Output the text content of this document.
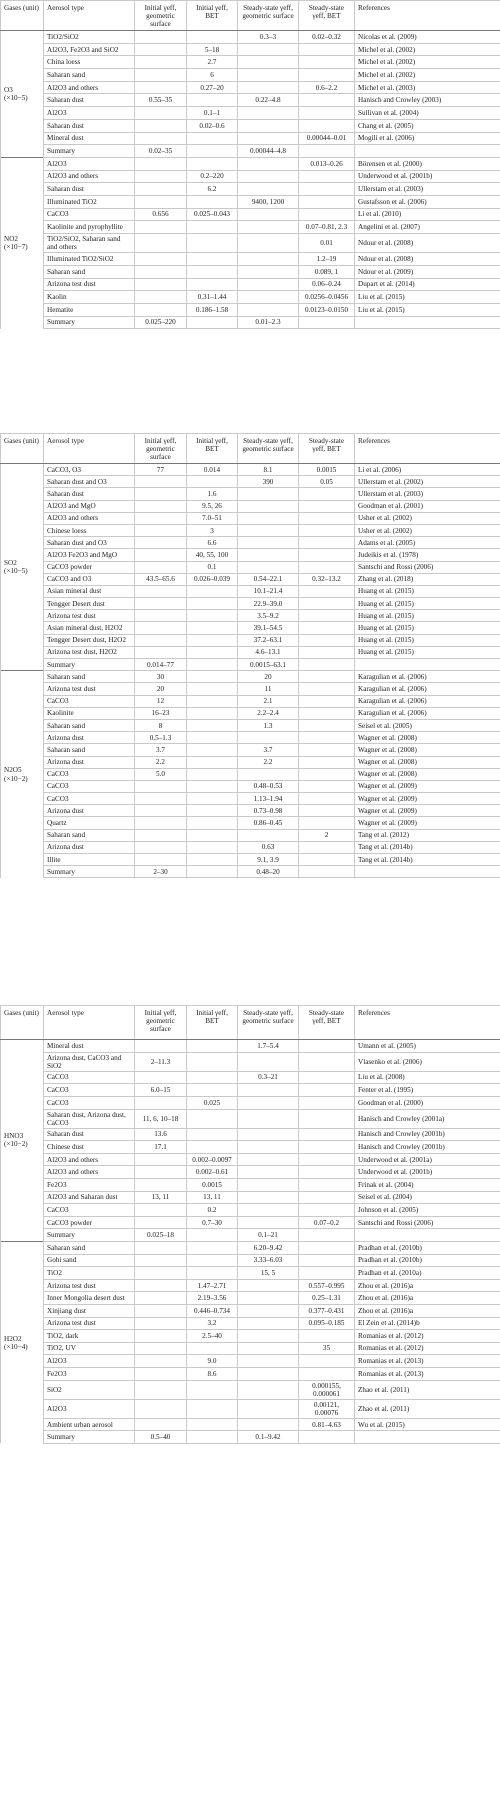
Gases (unit)	Aerosol type	Initial γeff, geometric surface	Initial γeff, BET	Steady-state γeff, geometric surface	Steady-state γeff, BET	References

O3
(×10−5)	TiO2/SiO2			0.3–3	0.02–0.32	Nicolas et al. (2009)
	Al2O3, Fe2O3 and SiO2		5–18			Michel et al. (2002)
	China loess		2.7			Michel et al. (2002)
	Saharan sand		6			Michel et al. (2002)
	Al2O3 and others		0.27–20		0.6–2.2	Michel et al. (2003)
	Saharan dust	0.55–35		0.22–4.8		Hanisch and Crowley (2003)
	Al2O3		0.1–1			Sullivan et al. (2004)
	Saharan dust		0.02–0.6			Chang et al. (2005)
	Mineral dust				0.00044–0.01	Mogili et al. (2006)
	Summary	0.02–35		0.00044–4.8		

NO2
(×10−7)	Al2O3				0.013–0.26	Börensen et al. (2000)
	Al2O3 and others		0.2–220			Underwood et al. (2001b)
	Saharan dust		6.2			Ullerstam et al. (2003)
	Illuminated TiO2			9400, 1200		Gustafsson et al. (2006)
	CaCO3	0.656	0.025–0.043			Li et al. (2010)
	Kaolinite and pyrophyllite				0.07–0.81, 2.3	Angelini et al. (2007)
	TiO2/SiO2, Saharan sand and others				0.01	Ndour et al. (2008)
	Illuminated TiO2/SiO2				1.2–19	Ndour et al. (2008)
	Saharan sand				0.089, 1	Ndour et al. (2009)
	Arizona test dust				0.06–0.24	Dupart et al. (2014)
	Kaolin		0.31–1.44		0.0256–0.0456	Liu et al. (2015)
	Hematite		0.186–1.58		0.0123–0.0150	Liu et al. (2015)
	Summary	0.025–220		0.01–2.3		
Gases (unit)	Aerosol type	Initial γeff, geometric surface	Initial γeff, BET	Steady-state γeff, geometric surface	Steady-state γeff, BET	References

SO2
(×10−5)	CaCO3, O3	77	0.014	8.1	0.0015	Li et al. (2006)
	Saharan dust and O3			390	0.05	Ullerstam et al. (2002)
	Saharan dust		1.6			Ullerstam et al. (2003)
	Al2O3 and MgO		9.5, 26			Goodman et al. (2001)
	Al2O3 and others		7.0–51			Usher et al. (2002)
	Chinese loess		3			Usher et al. (2002)
	Saharan dust and O3		6.6			Adams et al. (2005)
	Al2O3 Fe2O3 and MgO		40, 55, 100			Judeikis et al. (1978)
	CaCO3 powder		0.1			Santschi and Rossi (2006)
	CaCO3 and O3	43.5–65.6	0.026–0.039	0.54–22.1	0.32–13.2	Zhang et al. (2018)
	Asian mineral dust			10.1–21.4		Huang et al. (2015)
	Tengger Desert dust			22.9–39.0		Huang et al. (2015)
	Arizona test dust			3.5–9.2		Huang et al. (2015)
	Asian mineral dust, H2O2			39.1–54.5		Huang et al. (2015)
	Tengger Desert dust, H2O2			37.2–63.1		Huang et al. (2015)
	Arizona test dust, H2O2			4.6–13.1		Huang et al. (2015)
	Summary	0.014–77		0.0015–63.1		

N2O5
(×10−2)	Saharan sand	30		20		Karagulian et al. (2006)
	Arizona test dust	20		11		Karagulian et al. (2006)
	CaCO3	12		2.1		Karagulian et al. (2006)
	Kaolinite	16–23		2.2–2.4		Karagulian et al. (2006)
	Saharan sand	8		1.3		Seisel et al. (2005)
	Arizona dust	0.5–1.3				Wagner et al. (2008)
	Saharan sand	3.7		3.7		Wagner et al. (2008)
	Arizona dust	2.2		2.2		Wagner et al. (2008)
	CaCO3	5.0				Wagner et al. (2008)
	CaCO3			0.48–0.53		Wagner et al. (2009)
	CaCO3			1.13–1.94		Wagner et al. (2009)
	Arizona dust			0.73–0.98		Wagner et al. (2009)
	Quartz			0.86–0.45		Wagner et al. (2009)
	Saharan sand				2	Tang et al. (2012)
	Arizona dust			0.63		Tang et al. (2014b)
	Illite			9.1, 3.9		Tang et al. (2014b)
	Summary	2–30		0.48–20		
Gases (unit)	Aerosol type	Initial γeff, geometric surface	Initial γeff, BET	Steady-state γeff, geometric surface	Steady-state γeff, BET	References

HNO3
(×10−2)	Mineral dust			1.7–5.4		Umann et al. (2005)
	Arizona dust, CaCO3 and SiO2	2–11.3				Vlasenko et al. (2006)
	CaCO3			0.3–21		Liu et al. (2008)
	CaCO3	6.0–15				Fenter et al. (1995)
	CaCO3		0.025			Goodman et al. (2000)
	Saharan dust, Arizona dust, CaCO3	11, 6, 10–18				Hanisch and Crowley (2001a)
	Saharan dust	13.6				Hanisch and Crowley (2001b)
	Chinese dust	17.1				Hanisch and Crowley (2001b)
	Al2O3 and others		0.002–0.0097			Underwood et al. (2001a)
	Al2O3 and others		0.002–0.61			Underwood et al. (2001b)
	Fe2O3		0.0015			Frinak et al. (2004)
	Al2O3 and Saharan dust	13, 11	13, 11			Seisel et al. (2004)
	CaCO3		0.2			Johnson et al. (2005)
	CaCO3 powder		0.7–30		0.07–0.2	Santschi and Rossi (2006)
	Summary	0.025–18		0.1–21		

H2O2
(×10−4)	Saharan sand			6.20–9.42		Pradhan et al. (2010b)
	Gobi sand			3.33–6.03		Pradhan et al. (2010b)
	TiO2			15, 5		Pradhan et al. (2010a)
	Arizona test dust		1.47–2.71		0.557–0.995	Zhou et al. (2016)a
	Inner Mongolia desert dust		2.19–3.56		0.25–1.31	Zhou et al. (2016)a
	Xinjiang dust		0.446–0.734		0.377–0.431	Zhou et al. (2016)a
	Arizona test dust		3.2		0.095–0.185	El Zein et al. (2014)b
	TiO2, dark		2.5–40			Romanias et al. (2012)
	TiO2, UV				35	Romanias et al. (2012)
	Al2O3		9.0			Romanias et al. (2013)
	Fe2O3		8.6			Romanias et al. (2013)
	SiO2				0.000155, 0.000061	Zhao et al. (2011)
	Al2O3				0.00121, 0.00076	Zhao et al. (2011)
	Ambient urban aerosol				0.81–4.63	Wu et al. (2015)
	Summary	0.5–40		0.1–9.42		
